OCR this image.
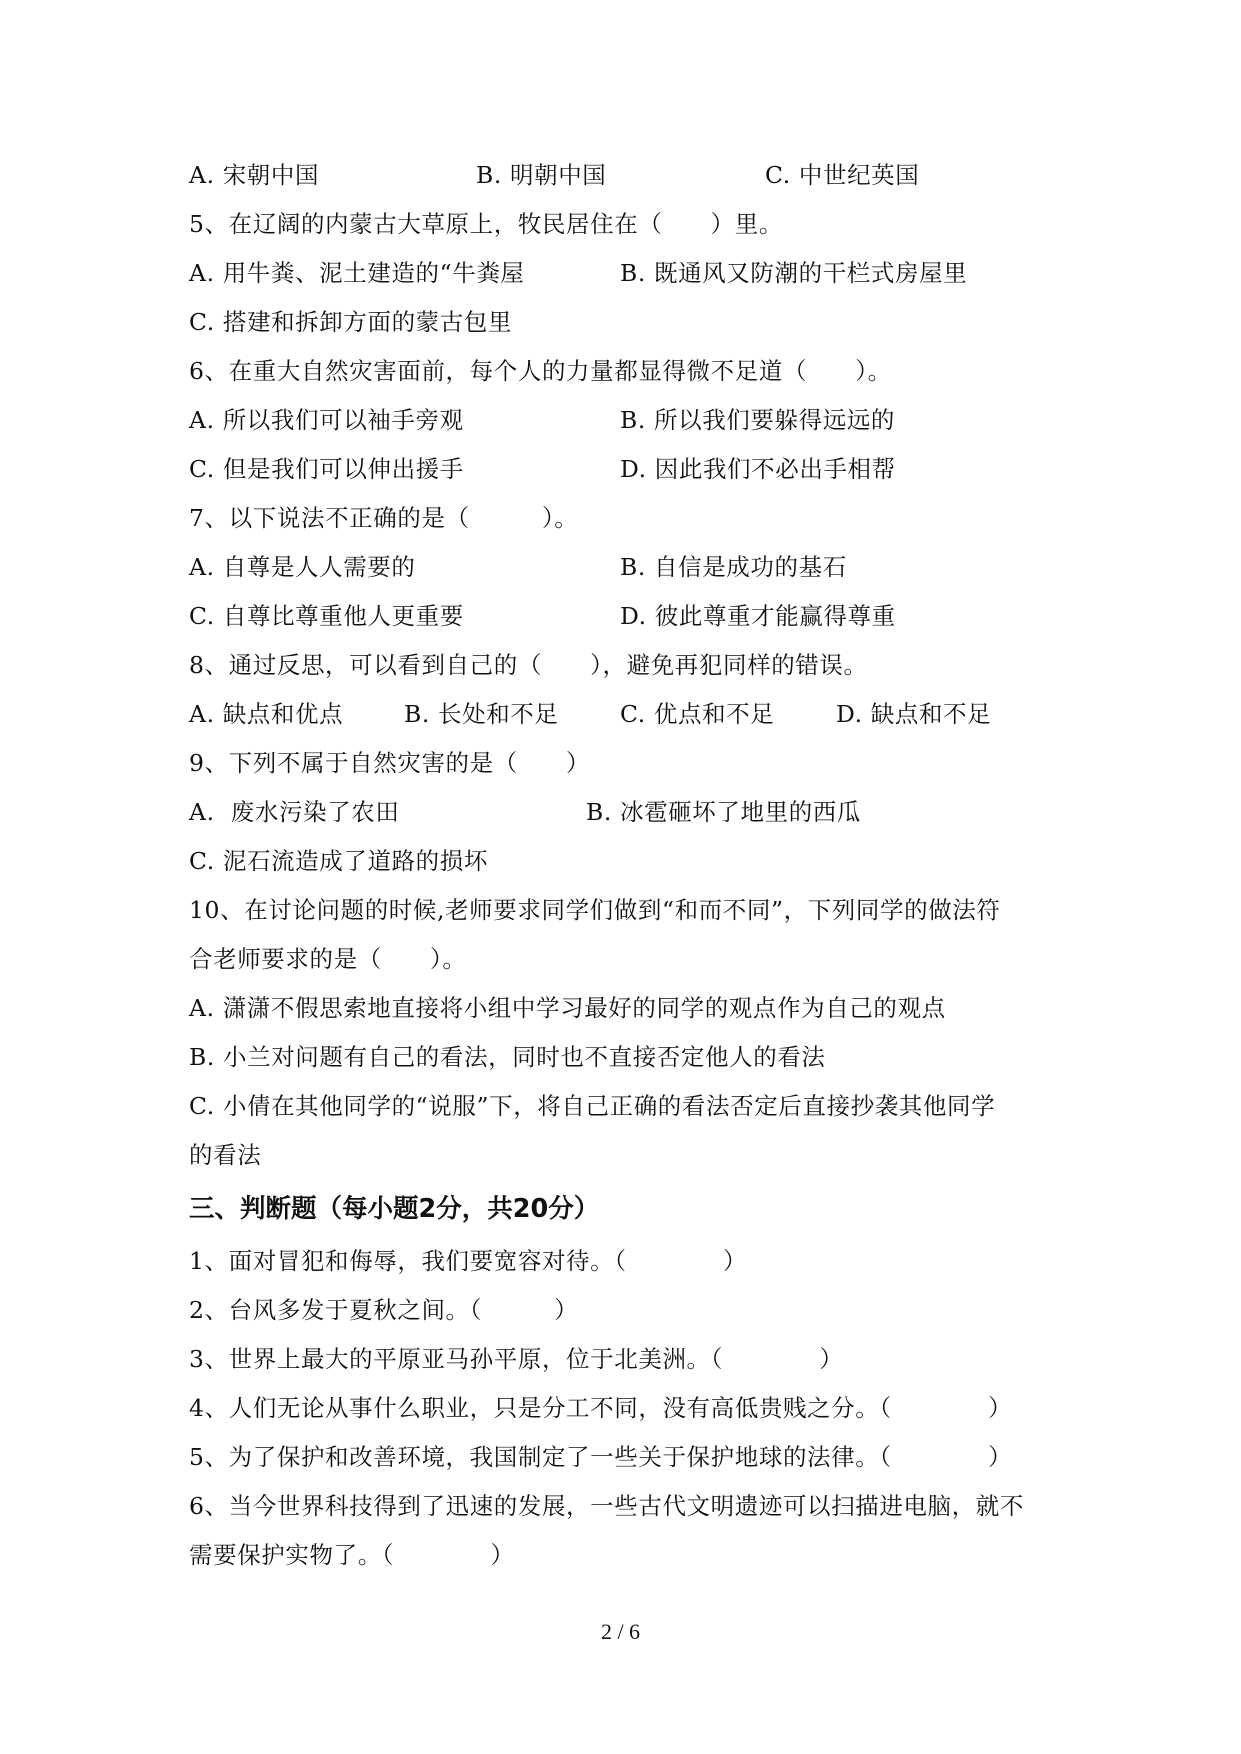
A. 宋朝中国	B. 明朝中国	C. 中世纪英国
5、在辽阔的内蒙古大草原上，牧民居住在（　　）里。
A. 用牛粪、泥土建造的“牛粪屋	B. 既通风又防潮的干栏式房屋里
C. 搭建和拆卸方面的蒙古包里
6、在重大自然灾害面前，每个人的力量都显得微不足道（　　）。
A. 所以我们可以袖手旁观	B. 所以我们要躲得远远的
C. 但是我们可以伸出援手	D. 因此我们不必出手相帮
7、以下说法不正确的是（　　　）。
A. 自尊是人人需要的	B. 自信是成功的基石
C. 自尊比尊重他人更重要	D. 彼此尊重才能赢得尊重
8、通过反思，可以看到自己的（　　），避免再犯同样的错误。
A. 缺点和优点	B. 长处和不足	C. 优点和不足	D. 缺点和不足
9、下列不属于自然灾害的是（　　）
A.  废水污染了农田	B. 冰雹砸坏了地里的西瓜
C. 泥石流造成了道路的损坏
10、在讨论问题的时候,老师要求同学们做到“和而不同”，下列同学的做法符
合老师要求的是（　　）。
A. 潇潇不假思索地直接将小组中学习最好的同学的观点作为自己的观点
B. 小兰对问题有自己的看法，同时也不直接否定他人的看法
C. 小倩在其他同学的“说服”下，将自己正确的看法否定后直接抄袭其他同学
的看法
三、判断题（每小题2分，共20分）
1、面对冒犯和侮辱，我们要宽容对待。（　　　　）
2、台风多发于夏秋之间。（　　　）
3、世界上最大的平原亚马孙平原，位于北美洲。（　　　　）
4、人们无论从事什么职业，只是分工不同，没有高低贵贱之分。（　　　　）
5、为了保护和改善环境，我国制定了一些关于保护地球的法律。（　　　　）
6、当今世界科技得到了迅速的发展，一些古代文明遗迹可以扫描进电脑，就不
需要保护实物了。（　　　　）
2 / 6
